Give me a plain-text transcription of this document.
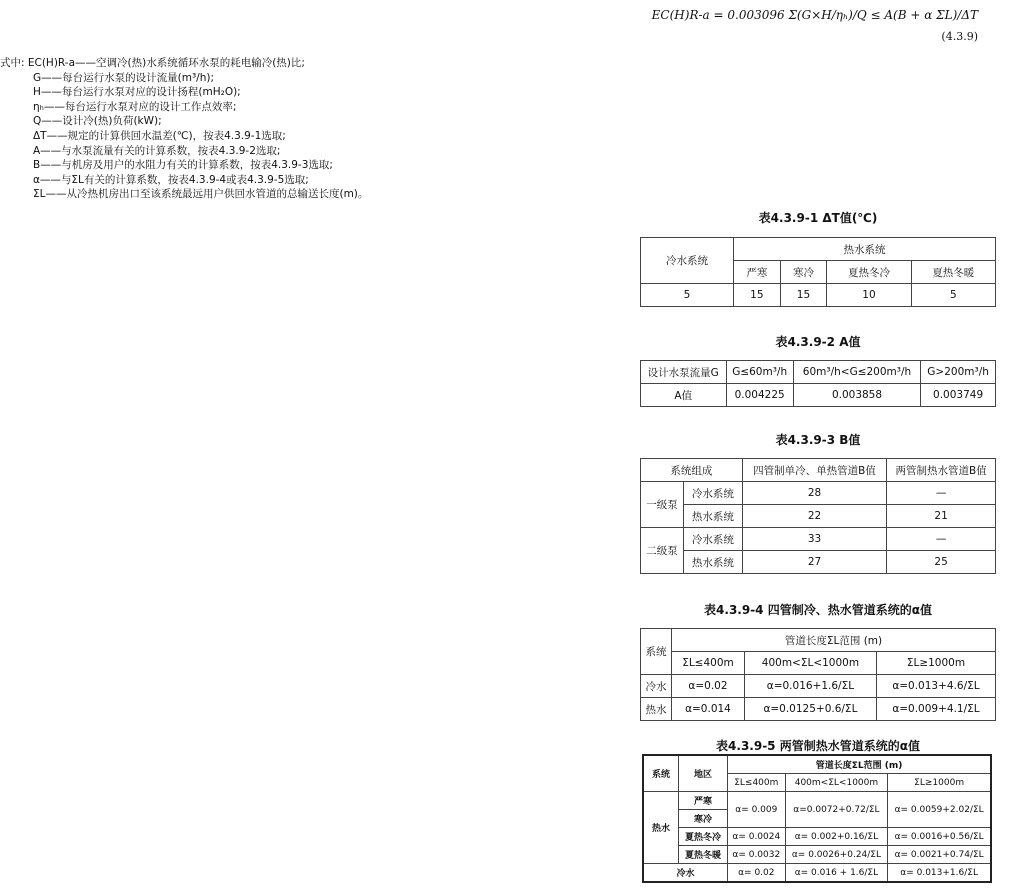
EC(H)R-a = 0.003096 Σ(G×H/ηₕ)/Q ≤ A(B + α ΣL)/ΔT
(4.3.9)
式中: EC(H)R-a——空调冷(热)水系统循环水泵的耗电输冷(热)比;
G——每台运行水泵的设计流量(m³/h);
H——每台运行水泵对应的设计扬程(mH₂O);
ηₕ——每台运行水泵对应的设计工作点效率;
Q——设计冷(热)负荷(kW);
ΔT——规定的计算供回水温差(℃)，按表4.3.9-1选取;
A——与水泵流量有关的计算系数，按表4.3.9-2选取;
B——与机房及用户的水阻力有关的计算系数，按表4.3.9-3选取;
α——与ΣL有关的计算系数，按表4.3.9-4或表4.3.9-5选取;
ΣL——从冷热机房出口至该系统最远用户供回水管道的总输送长度(m)。
表4.3.9-1 ΔT值(℃)
冷水系统	热水系统			
	严寒	寒冷	夏热冬冷	夏热冬暖
5	15	15	10	5
表4.3.9-2 A值
设计水泵流量G	G≤60m³/h	60m³/h<G≤200m³/h	G>200m³/h
A值	0.004225	0.003858	0.003749
表4.3.9-3 B值
系统组成		四管制单冷、单热管道B值	两管制热水管道B值
一级泵	冷水系统	28	—
	热水系统	22	21
二级泵	冷水系统	33	—
	热水系统	27	25
表4.3.9-4 四管制冷、热水管道系统的α值
系统	管道长度ΣL范围 (m)		
	ΣL≤400m	400m<ΣL<1000m	ΣL≥1000m
冷水	α=0.02	α=0.016+1.6/ΣL	α=0.013+4.6/ΣL
热水	α=0.014	α=0.0125+0.6/ΣL	α=0.009+4.1/ΣL
表4.3.9-5 两管制热水管道系统的α值
系统	地区	管道长度ΣL范围 (m)		
		ΣL≤400m	400m<ΣL<1000m	ΣL≥1000m
热水	严寒	α= 0.009	α=0.0072+0.72/ΣL	α= 0.0059+2.02/ΣL
	寒冷			
	夏热冬冷	α= 0.0024	α= 0.002+0.16/ΣL	α= 0.0016+0.56/ΣL
	夏热冬暖	α= 0.0032	α= 0.0026+0.24/ΣL	α= 0.0021+0.74/ΣL
冷水		α= 0.02	α= 0.016 + 1.6/ΣL	α= 0.013+1.6/ΣL
